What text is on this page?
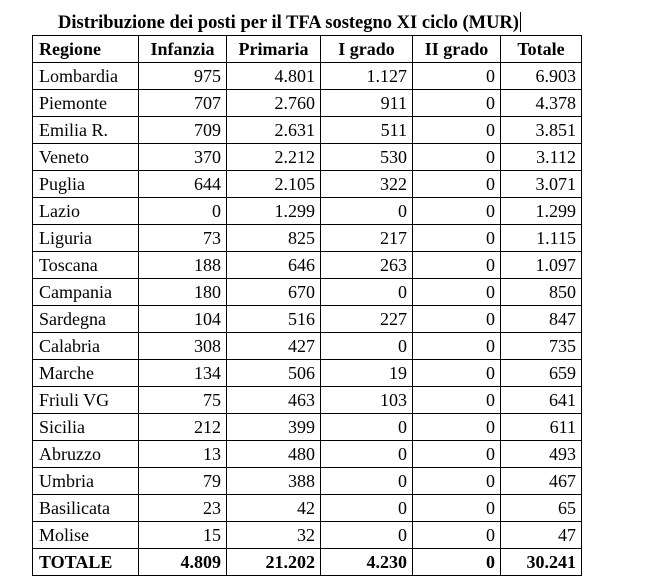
Distribuzione dei posti per il TFA sostegno XI ciclo (MUR)
Regione	Infanzia	Primaria	I grado	II grado	Totale
Lombardia	975	4.801	1.127	0	6.903
Piemonte	707	2.760	911	0	4.378
Emilia R.	709	2.631	511	0	3.851
Veneto	370	2.212	530	0	3.112
Puglia	644	2.105	322	0	3.071
Lazio	0	1.299	0	0	1.299
Liguria	73	825	217	0	1.115
Toscana	188	646	263	0	1.097
Campania	180	670	0	0	850
Sardegna	104	516	227	0	847
Calabria	308	427	0	0	735
Marche	134	506	19	0	659
Friuli VG	75	463	103	0	641
Sicilia	212	399	0	0	611
Abruzzo	13	480	0	0	493
Umbria	79	388	0	0	467
Basilicata	23	42	0	0	65
Molise	15	32	0	0	47
TOTALE	4.809	21.202	4.230	0	30.241
